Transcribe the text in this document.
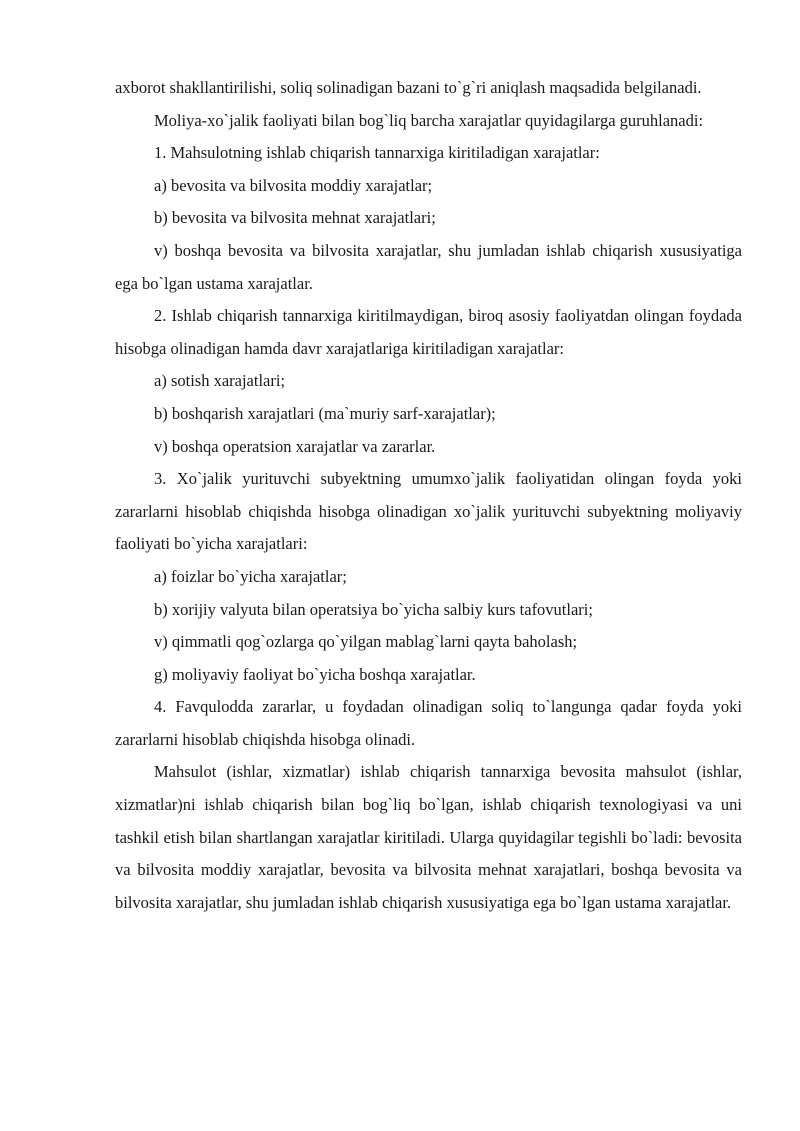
axborot shakllantirilishi, soliq solinadigan bazani to`g`ri aniqlash maqsadida belgilanadi.

Moliya-xo`jalik faoliyati bilan bog`liq barcha xarajatlar quyidagilarga guruhlanadi:

1. Mahsulotning ishlab chiqarish tannarxiga kiritiladigan xarajatlar:

a) bevosita va bilvosita moddiy xarajatlar;

b) bevosita va bilvosita mehnat xarajatlari;

v) boshqa bevosita va bilvosita xarajatlar, shu jumladan ishlab chiqarish xususiyatiga ega bo`lgan ustama xarajatlar.

2. Ishlab chiqarish tannarxiga kiritilmaydigan, biroq asosiy faoliyatdan olingan foydada hisobga olinadigan hamda davr xarajatlariga kiritiladigan xarajatlar:

a) sotish xarajatlari;

b) boshqarish xarajatlari (ma`muriy sarf-xarajatlar);

v) boshqa operatsion xarajatlar va zararlar.

3. Xo`jalik yurituvchi subyektning umumxo`jalik faoliyatidan olingan foyda yoki zararlarni hisoblab chiqishda hisobga olinadigan xo`jalik yurituvchi subyektning moliyaviy faoliyati bo`yicha xarajatlari:

a) foizlar bo`yicha xarajatlar;

b) xorijiy valyuta bilan operatsiya bo`yicha salbiy kurs tafovutlari;

v) qimmatli qog`ozlarga qo`yilgan mablag`larni qayta baholash;

g) moliyaviy faoliyat bo`yicha boshqa xarajatlar.

4. Favqulodda zararlar, u foydadan olinadigan soliq to`langunga qadar foyda yoki zararlarni hisoblab chiqishda hisobga olinadi.

Mahsulot (ishlar, xizmatlar) ishlab chiqarish tannarxiga bevosita mahsulot (ishlar, xizmatlar)ni ishlab chiqarish bilan bog`liq bo`lgan, ishlab chiqarish texnologiyasi va uni tashkil etish bilan shartlangan xarajatlar kiritiladi. Ularga quyidagilar tegishli bo`ladi: bevosita va bilvosita moddiy xarajatlar, bevosita va bilvosita mehnat xarajatlari, boshqa bevosita va bilvosita xarajatlar, shu jumladan ishlab chiqarish xususiyatiga ega bo`lgan ustama xarajatlar.
